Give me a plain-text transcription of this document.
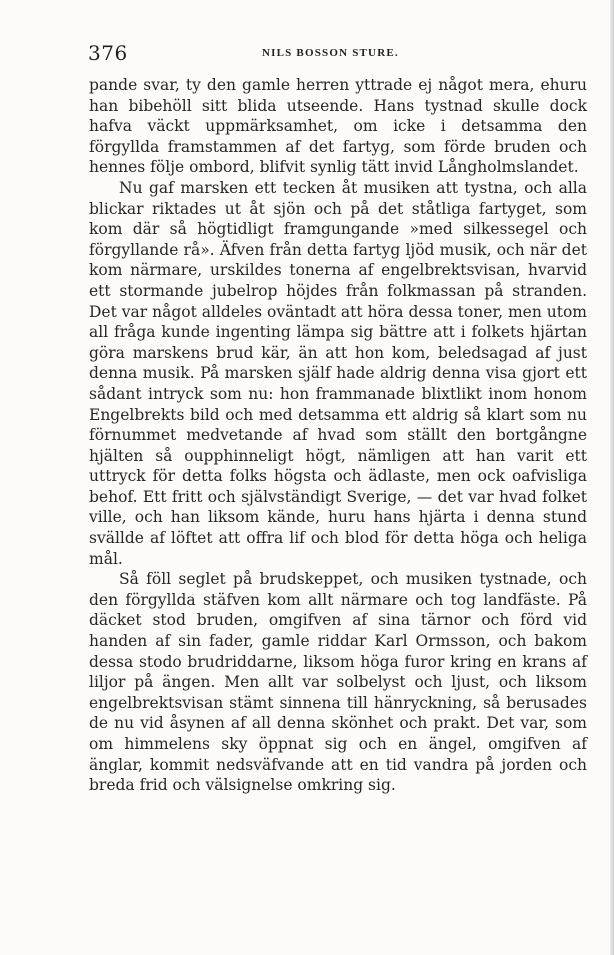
376	NILS BOSSON STURE.

pande svar, ty den gamle herren yttrade ej något mera, ehuru han bibehöll sitt blida utseende. Hans tystnad skulle dock hafva väckt uppmärksamhet, om icke i detsamma den förgyllda framstammen af det fartyg, som förde bruden och hennes följe ombord, blifvit synlig tätt invid Långholmslandet.

Nu gaf marsken ett tecken åt musiken att tystna, och alla blickar riktades ut åt sjön och på det ståtliga fartyget, som kom där så högtidligt framgungande »med silkessegel och förgyllande rå». Äfven från detta fartyg ljöd musik, och när det kom närmare, urskildes tonerna af engelbrektsvisan, hvarvid ett stormande jubelrop höjdes från folkmassan på stranden. Det var något alldeles oväntadt att höra dessa toner, men utom all fråga kunde ingenting lämpa sig bättre att i folkets hjärtan göra marskens brud kär, än att hon kom, beledsagad af just denna musik. På marsken själf hade aldrig denna visa gjort ett sådant intryck som nu: hon frammanade blixtlikt inom honom Engelbrekts bild och med detsamma ett aldrig så klart som nu förnummet medvetande af hvad som ställt den bortgångne hjälten så oupphinneligt högt, nämligen att han varit ett uttryck för detta folks högsta och ädlaste, men ock oafvisliga behof. Ett fritt och självständigt Sverige, — det var hvad folket ville, och han liksom kände, huru hans hjärta i denna stund svällde af löftet att offra lif och blod för detta höga och heliga mål.

Så föll seglet på brudskeppet, och musiken tystnade, och den förgyllda stäfven kom allt närmare och tog landfäste. På däcket stod bruden, omgifven af sina tärnor och förd vid handen af sin fader, gamle riddar Karl Ormsson, och bakom dessa stodo brudriddarne, liksom höga furor kring en krans af liljor på ängen. Men allt var solbelyst och ljust, och liksom engelbrektsvisan stämt sinnena till hänryckning, så berusades de nu vid åsynen af all denna skönhet och prakt. Det var, som om himmelens sky öppnat sig och en ängel, omgifven af änglar, kommit nedsväfvande att en tid vandra på jorden och breda frid och välsignelse omkring sig.
